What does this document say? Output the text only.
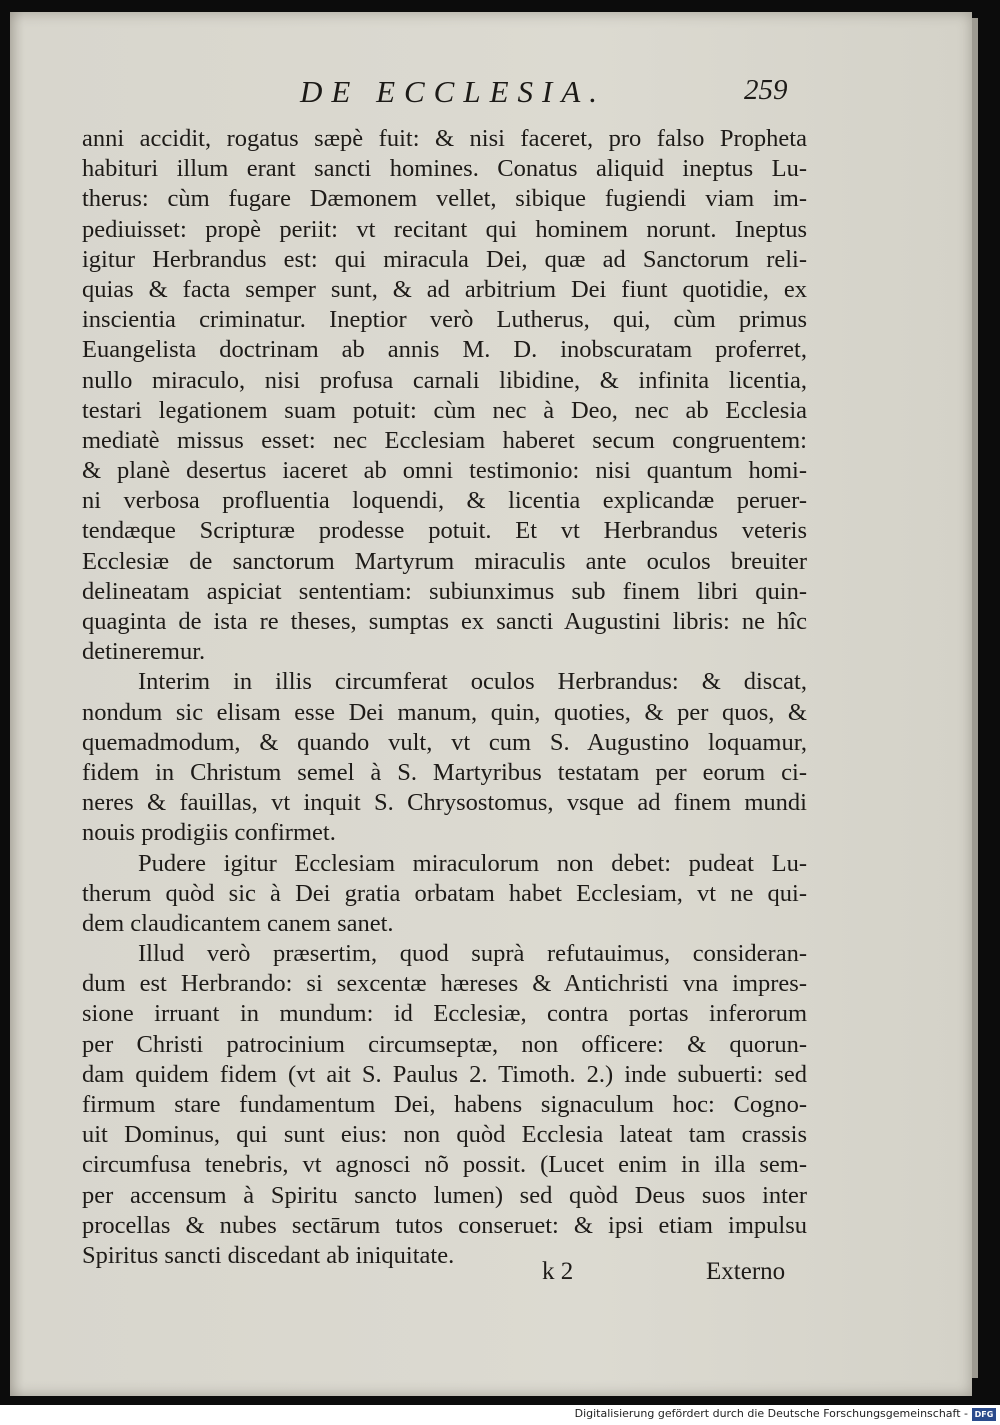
DE ECCLESIA.	259
anni accidit, rogatus sæpè fuit: & nisi faceret, pro falso Propheta
habituri illum erant sancti homines. Conatus aliquid ineptus Lu-
therus: cùm fugare Dæmonem vellet, sibique fugiendi viam im-
pediuisset: propè periit: vt recitant qui hominem norunt. Ineptus
igitur Herbrandus est: qui miracula Dei, quæ ad Sanctorum reli-
quias & facta semper sunt, & ad arbitrium Dei fiunt quotidie, ex
inscientia criminatur. Ineptior verò Lutherus, qui, cùm primus
Euangelista doctrinam ab annis M. D. inobscuratam proferret,
nullo miraculo, nisi profusa carnali libidine, & infinita licentia,
testari legationem suam potuit: cùm nec à Deo, nec ab Ecclesia
mediatè missus esset: nec Ecclesiam haberet secum congruentem:
& planè desertus iaceret ab omni testimonio: nisi quantum homi-
ni verbosa profluentia loquendi, & licentia explicandæ peruer-
tendæque Scripturæ prodesse potuit. Et vt Herbrandus veteris
Ecclesiæ de sanctorum Martyrum miraculis ante oculos breuiter
delineatam aspiciat sententiam: subiunximus sub finem libri quin-
quaginta de ista re theses, sumptas ex sancti Augustini libris: ne hîc
detineremur.
Interim in illis circumferat oculos Herbrandus: & discat,
nondum sic elisam esse Dei manum, quin, quoties, & per quos, &
quemadmodum, & quando vult, vt cum S. Augustino loquamur,
fidem in Christum semel à S. Martyribus testatam per eorum ci-
neres & fauillas, vt inquit S. Chrysostomus, vsque ad finem mundi
nouis prodigiis confirmet.
Pudere igitur Ecclesiam miraculorum non debet: pudeat Lu-
therum quòd sic à Dei gratia orbatam habet Ecclesiam, vt ne qui-
dem claudicantem canem sanet.
Illud verò præsertim, quod suprà refutauimus, consideran-
dum est Herbrando: si sexcentæ hæreses & Antichristi vna impres-
sione irruant in mundum: id Ecclesiæ, contra portas inferorum
per Christi patrocinium circumseptæ, non officere: & quorun-
dam quidem fidem (vt ait S. Paulus 2. Timoth. 2.) inde subuerti: sed
firmum stare fundamentum Dei, habens signaculum hoc: Cogno-
uit Dominus, qui sunt eius: non quòd Ecclesia lateat tam crassis
circumfusa tenebris, vt agnosci nõ possit. (Lucet enim in illa sem-
per accensum à Spiritu sancto lumen) sed quòd Deus suos inter
procellas & nubes sectārum tutos conseruet: & ipsi etiam impulsu
Spiritus sancti discedant ab iniquitate.
k 2	Externo
Digitalisierung gefördert durch die Deutsche Forschungsgemeinschaft - DFG
